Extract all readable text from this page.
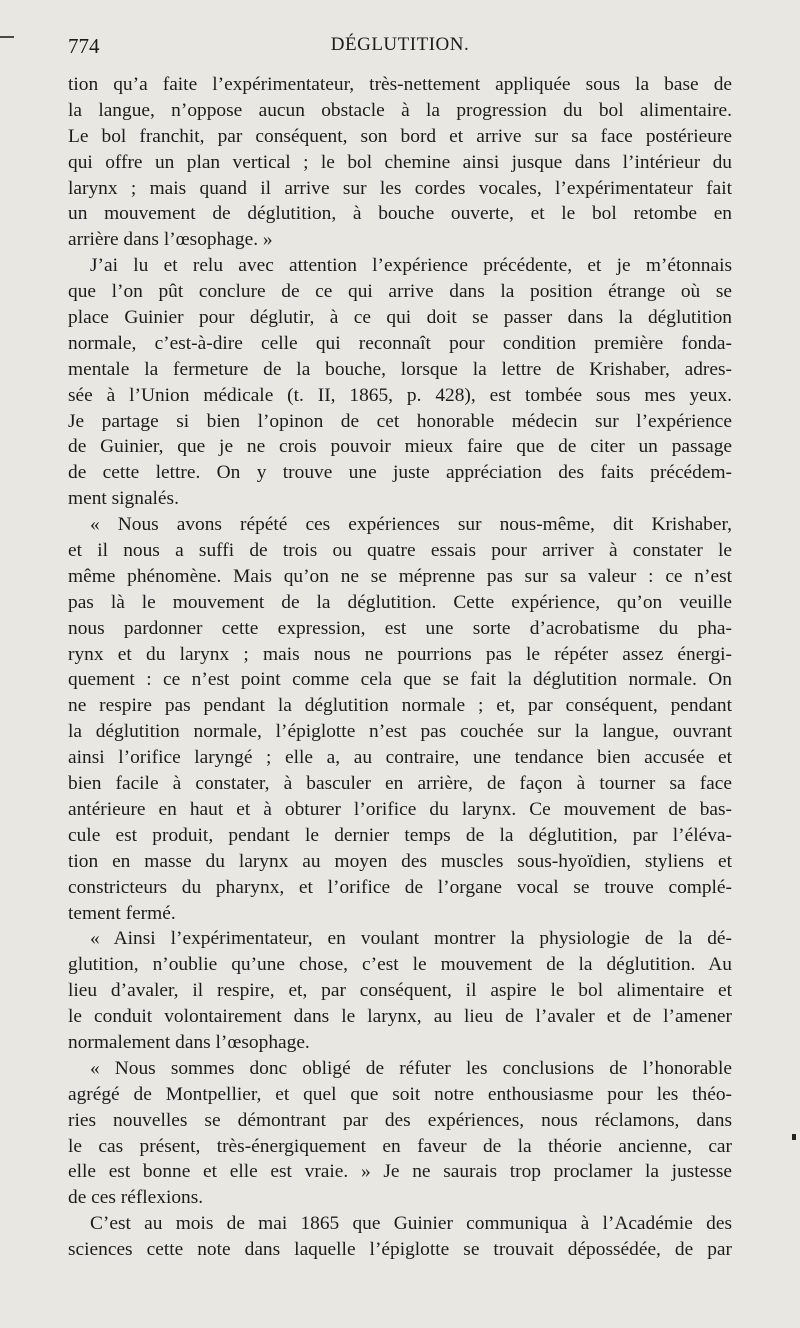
774	DÉGLUTITION.
tion qu’a faite l’expérimentateur, très-nettement appliquée sous la base de
la langue, n’oppose aucun obstacle à la progression du bol alimentaire.
Le bol franchit, par conséquent, son bord et arrive sur sa face postérieure
qui offre un plan vertical ; le bol chemine ainsi jusque dans l’intérieur du
larynx ; mais quand il arrive sur les cordes vocales, l’expérimentateur fait
un mouvement de déglutition, à bouche ouverte, et le bol retombe en
arrière dans l’œsophage. »
J’ai lu et relu avec attention l’expérience précédente, et je m’étonnais
que l’on pût conclure de ce qui arrive dans la position étrange où se
place Guinier pour déglutir, à ce qui doit se passer dans la déglutition
normale, c’est-à-dire celle qui reconnaît pour condition première fonda-
mentale la fermeture de la bouche, lorsque la lettre de Krishaber, adres-
sée à l’Union médicale (t. II, 1865, p. 428), est tombée sous mes yeux.
Je partage si bien l’opinon de cet honorable médecin sur l’expérience
de Guinier, que je ne crois pouvoir mieux faire que de citer un passage
de cette lettre. On y trouve une juste appréciation des faits précédem-
ment signalés.
« Nous avons répété ces expériences sur nous-même, dit Krishaber,
et il nous a suffi de trois ou quatre essais pour arriver à constater le
même phénomène. Mais qu’on ne se méprenne pas sur sa valeur : ce n’est
pas là le mouvement de la déglutition. Cette expérience, qu’on veuille
nous pardonner cette expression, est une sorte d’acrobatisme du pha-
rynx et du larynx ; mais nous ne pourrions pas le répéter assez énergi-
quement : ce n’est point comme cela que se fait la déglutition normale. On
ne respire pas pendant la déglutition normale ; et, par conséquent, pendant
la déglutition normale, l’épiglotte n’est pas couchée sur la langue, ouvrant
ainsi l’orifice laryngé ; elle a, au contraire, une tendance bien accusée et
bien facile à constater, à basculer en arrière, de façon à tourner sa face
antérieure en haut et à obturer l’orifice du larynx. Ce mouvement de bas-
cule est produit, pendant le dernier temps de la déglutition, par l’éléva-
tion en masse du larynx au moyen des muscles sous-hyoïdien, styliens et
constricteurs du pharynx, et l’orifice de l’organe vocal se trouve complé-
tement fermé.
« Ainsi l’expérimentateur, en voulant montrer la physiologie de la dé-
glutition, n’oublie qu’une chose, c’est le mouvement de la déglutition. Au
lieu d’avaler, il respire, et, par conséquent, il aspire le bol alimentaire et
le conduit volontairement dans le larynx, au lieu de l’avaler et de l’amener
normalement dans l’œsophage.
« Nous sommes donc obligé de réfuter les conclusions de l’honorable
agrégé de Montpellier, et quel que soit notre enthousiasme pour les théo-
ries nouvelles se démontrant par des expériences, nous réclamons, dans
le cas présent, très-énergiquement en faveur de la théorie ancienne, car
elle est bonne et elle est vraie. » Je ne saurais trop proclamer la justesse
de ces réflexions.
C’est au mois de mai 1865 que Guinier communiqua à l’Académie des
sciences cette note dans laquelle l’épiglotte se trouvait dépossédée, de par
